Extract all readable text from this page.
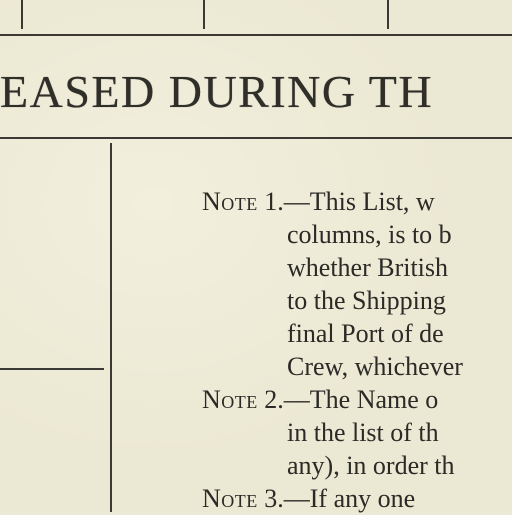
EASED DURING TH
Note 1.—This List, w
columns, is to b
whether British
to the Shipping
final Port of de
Crew, whichever
Note 2.—The Name o
in the list of th
any), in order th
Note 3.—If any one
